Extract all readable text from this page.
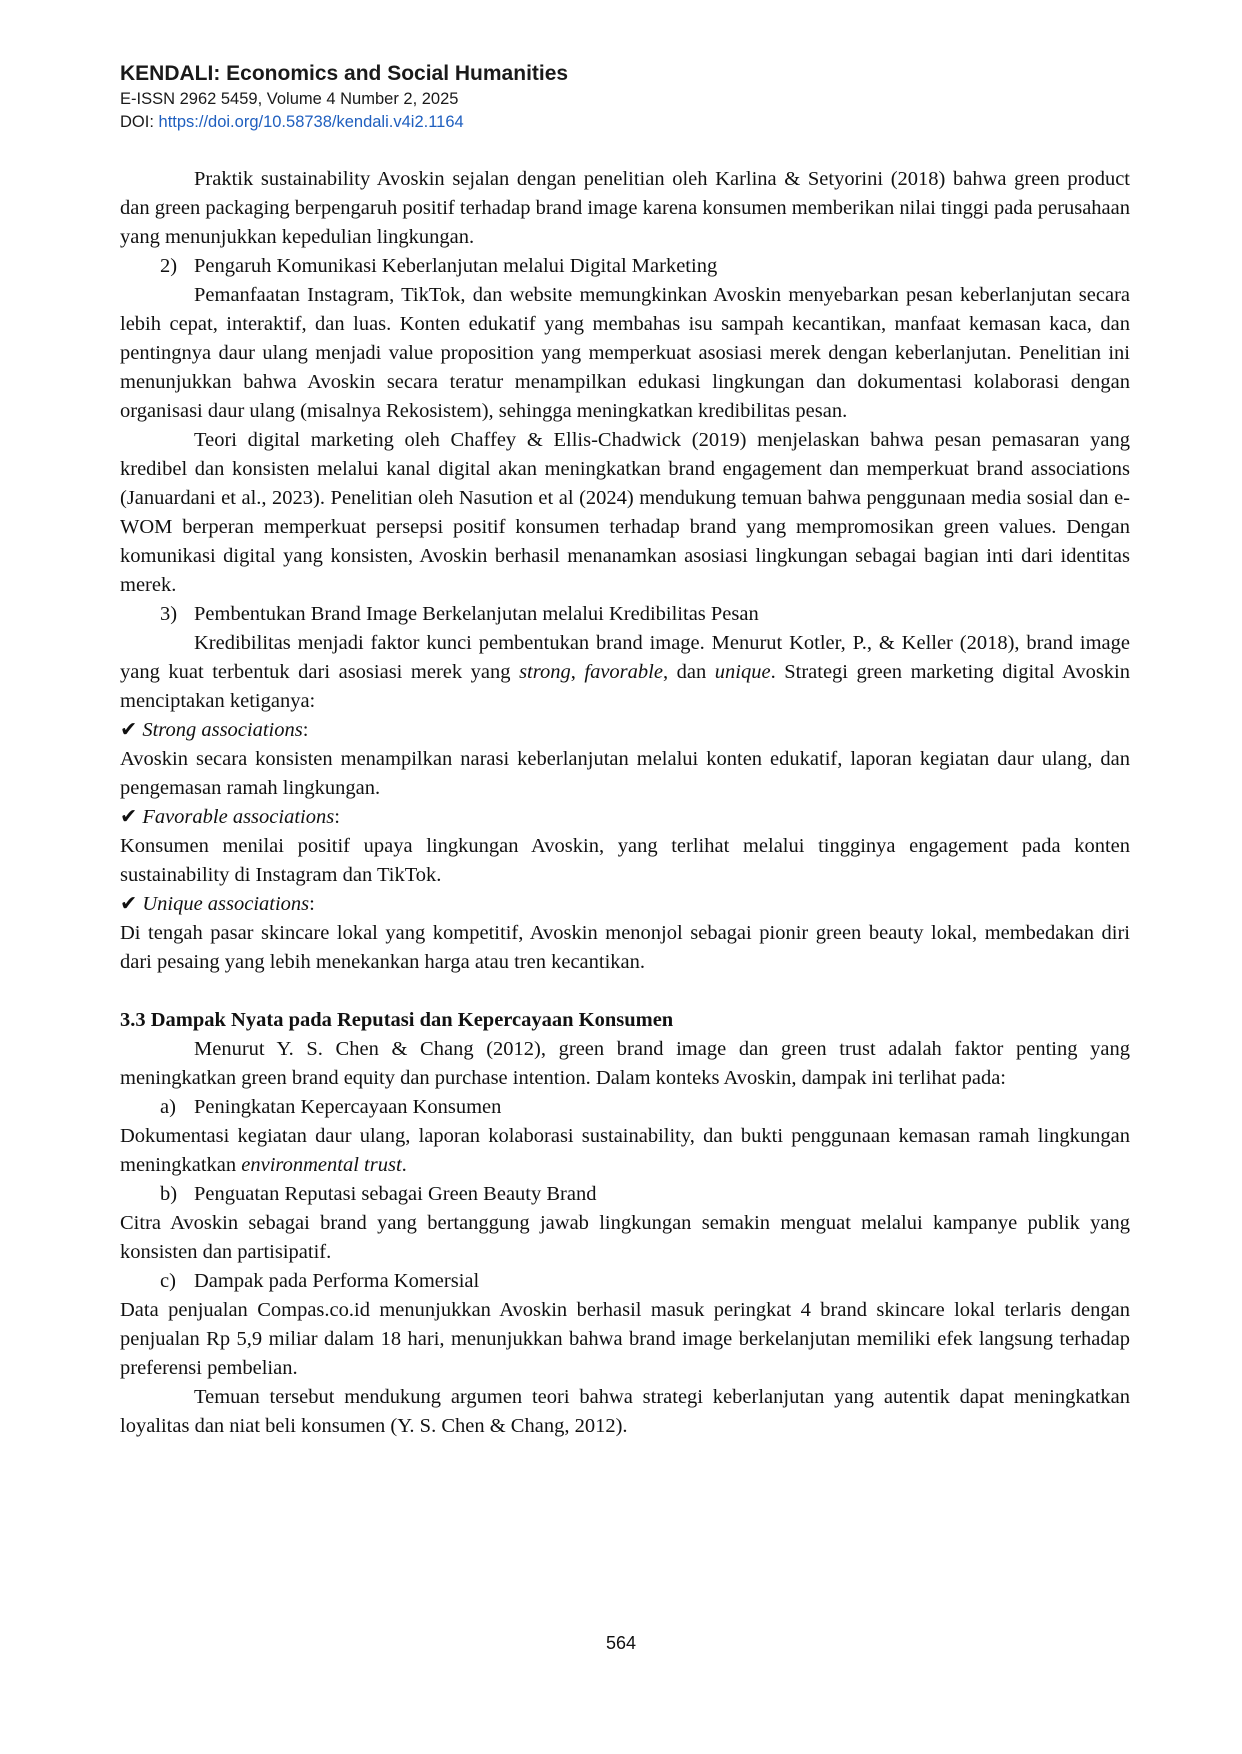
KENDALI: Economics and Social Humanities

E-ISSN 2962 5459, Volume 4 Number 2, 2025

DOI: https://doi.org/10.58738/kendali.v4i2.1164

Praktik sustainability Avoskin sejalan dengan penelitian oleh Karlina & Setyorini (2018) bahwa green product dan green packaging berpengaruh positif terhadap brand image karena konsumen memberikan nilai tinggi pada perusahaan yang menunjukkan kepedulian lingkungan.

2) Pengaruh Komunikasi Keberlanjutan melalui Digital Marketing

Pemanfaatan Instagram, TikTok, dan website memungkinkan Avoskin menyebarkan pesan keberlanjutan secara lebih cepat, interaktif, dan luas. Konten edukatif yang membahas isu sampah kecantikan, manfaat kemasan kaca, dan pentingnya daur ulang menjadi value proposition yang memperkuat asosiasi merek dengan keberlanjutan. Penelitian ini menunjukkan bahwa Avoskin secara teratur menampilkan edukasi lingkungan dan dokumentasi kolaborasi dengan organisasi daur ulang (misalnya Rekosistem), sehingga meningkatkan kredibilitas pesan.

Teori digital marketing oleh Chaffey & Ellis-Chadwick (2019) menjelaskan bahwa pesan pemasaran yang kredibel dan konsisten melalui kanal digital akan meningkatkan brand engagement dan memperkuat brand associations (Januardani et al., 2023). Penelitian oleh Nasution et al (2024) mendukung temuan bahwa penggunaan media sosial dan e-WOM berperan memperkuat persepsi positif konsumen terhadap brand yang mempromosikan green values. Dengan komunikasi digital yang konsisten, Avoskin berhasil menanamkan asosiasi lingkungan sebagai bagian inti dari identitas merek.

3) Pembentukan Brand Image Berkelanjutan melalui Kredibilitas Pesan

Kredibilitas menjadi faktor kunci pembentukan brand image. Menurut Kotler, P., & Keller (2018), brand image yang kuat terbentuk dari asosiasi merek yang strong, favorable, dan unique. Strategi green marketing digital Avoskin menciptakan ketiganya:

✔ Strong associations:

Avoskin secara konsisten menampilkan narasi keberlanjutan melalui konten edukatif, laporan kegiatan daur ulang, dan pengemasan ramah lingkungan.

✔ Favorable associations:

Konsumen menilai positif upaya lingkungan Avoskin, yang terlihat melalui tingginya engagement pada konten sustainability di Instagram dan TikTok.

✔ Unique associations:

Di tengah pasar skincare lokal yang kompetitif, Avoskin menonjol sebagai pionir green beauty lokal, membedakan diri dari pesaing yang lebih menekankan harga atau tren kecantikan.

3.3 Dampak Nyata pada Reputasi dan Kepercayaan Konsumen

Menurut Y. S. Chen & Chang (2012), green brand image dan green trust adalah faktor penting yang meningkatkan green brand equity dan purchase intention. Dalam konteks Avoskin, dampak ini terlihat pada:

a) Peningkatan Kepercayaan Konsumen

Dokumentasi kegiatan daur ulang, laporan kolaborasi sustainability, dan bukti penggunaan kemasan ramah lingkungan meningkatkan environmental trust.

b) Penguatan Reputasi sebagai Green Beauty Brand

Citra Avoskin sebagai brand yang bertanggung jawab lingkungan semakin menguat melalui kampanye publik yang konsisten dan partisipatif.

c) Dampak pada Performa Komersial

Data penjualan Compas.co.id menunjukkan Avoskin berhasil masuk peringkat 4 brand skincare lokal terlaris dengan penjualan Rp 5,9 miliar dalam 18 hari, menunjukkan bahwa brand image berkelanjutan memiliki efek langsung terhadap preferensi pembelian.

Temuan tersebut mendukung argumen teori bahwa strategi keberlanjutan yang autentik dapat meningkatkan loyalitas dan niat beli konsumen (Y. S. Chen & Chang, 2012).

564
